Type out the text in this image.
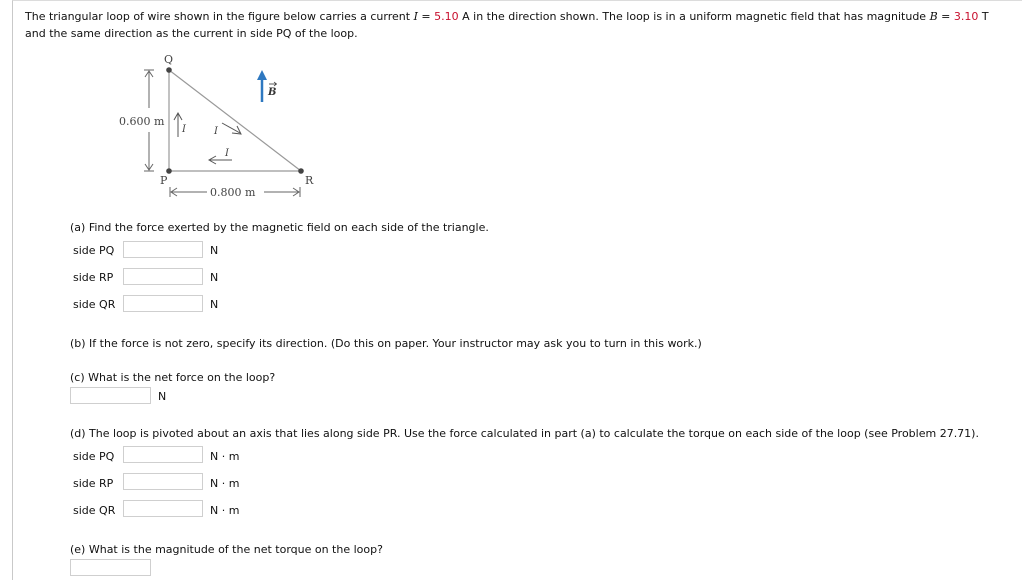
The triangular loop of wire shown in the figure below carries a current I = 5.10 A in the direction shown. The loop is in a uniform magnetic field that has magnitude B = 3.10 T
and the same direction as the current in side PQ of the loop.
Q
P	R
0.600 m
0.800 m
I	I
I
B
(a) Find the force exerted by the magnetic field on each side of the triangle.
side PQ	N
side RP	N
side QR	N
(b) If the force is not zero, specify its direction. (Do this on paper. Your instructor may ask you to turn in this work.)
(c) What is the net force on the loop?
N
(d) The loop is pivoted about an axis that lies along side PR. Use the force calculated in part (a) to calculate the torque on each side of the loop (see Problem 27.71).
side PQ	N · m
side RP	N · m
side QR	N · m
(e) What is the magnitude of the net torque on the loop?
